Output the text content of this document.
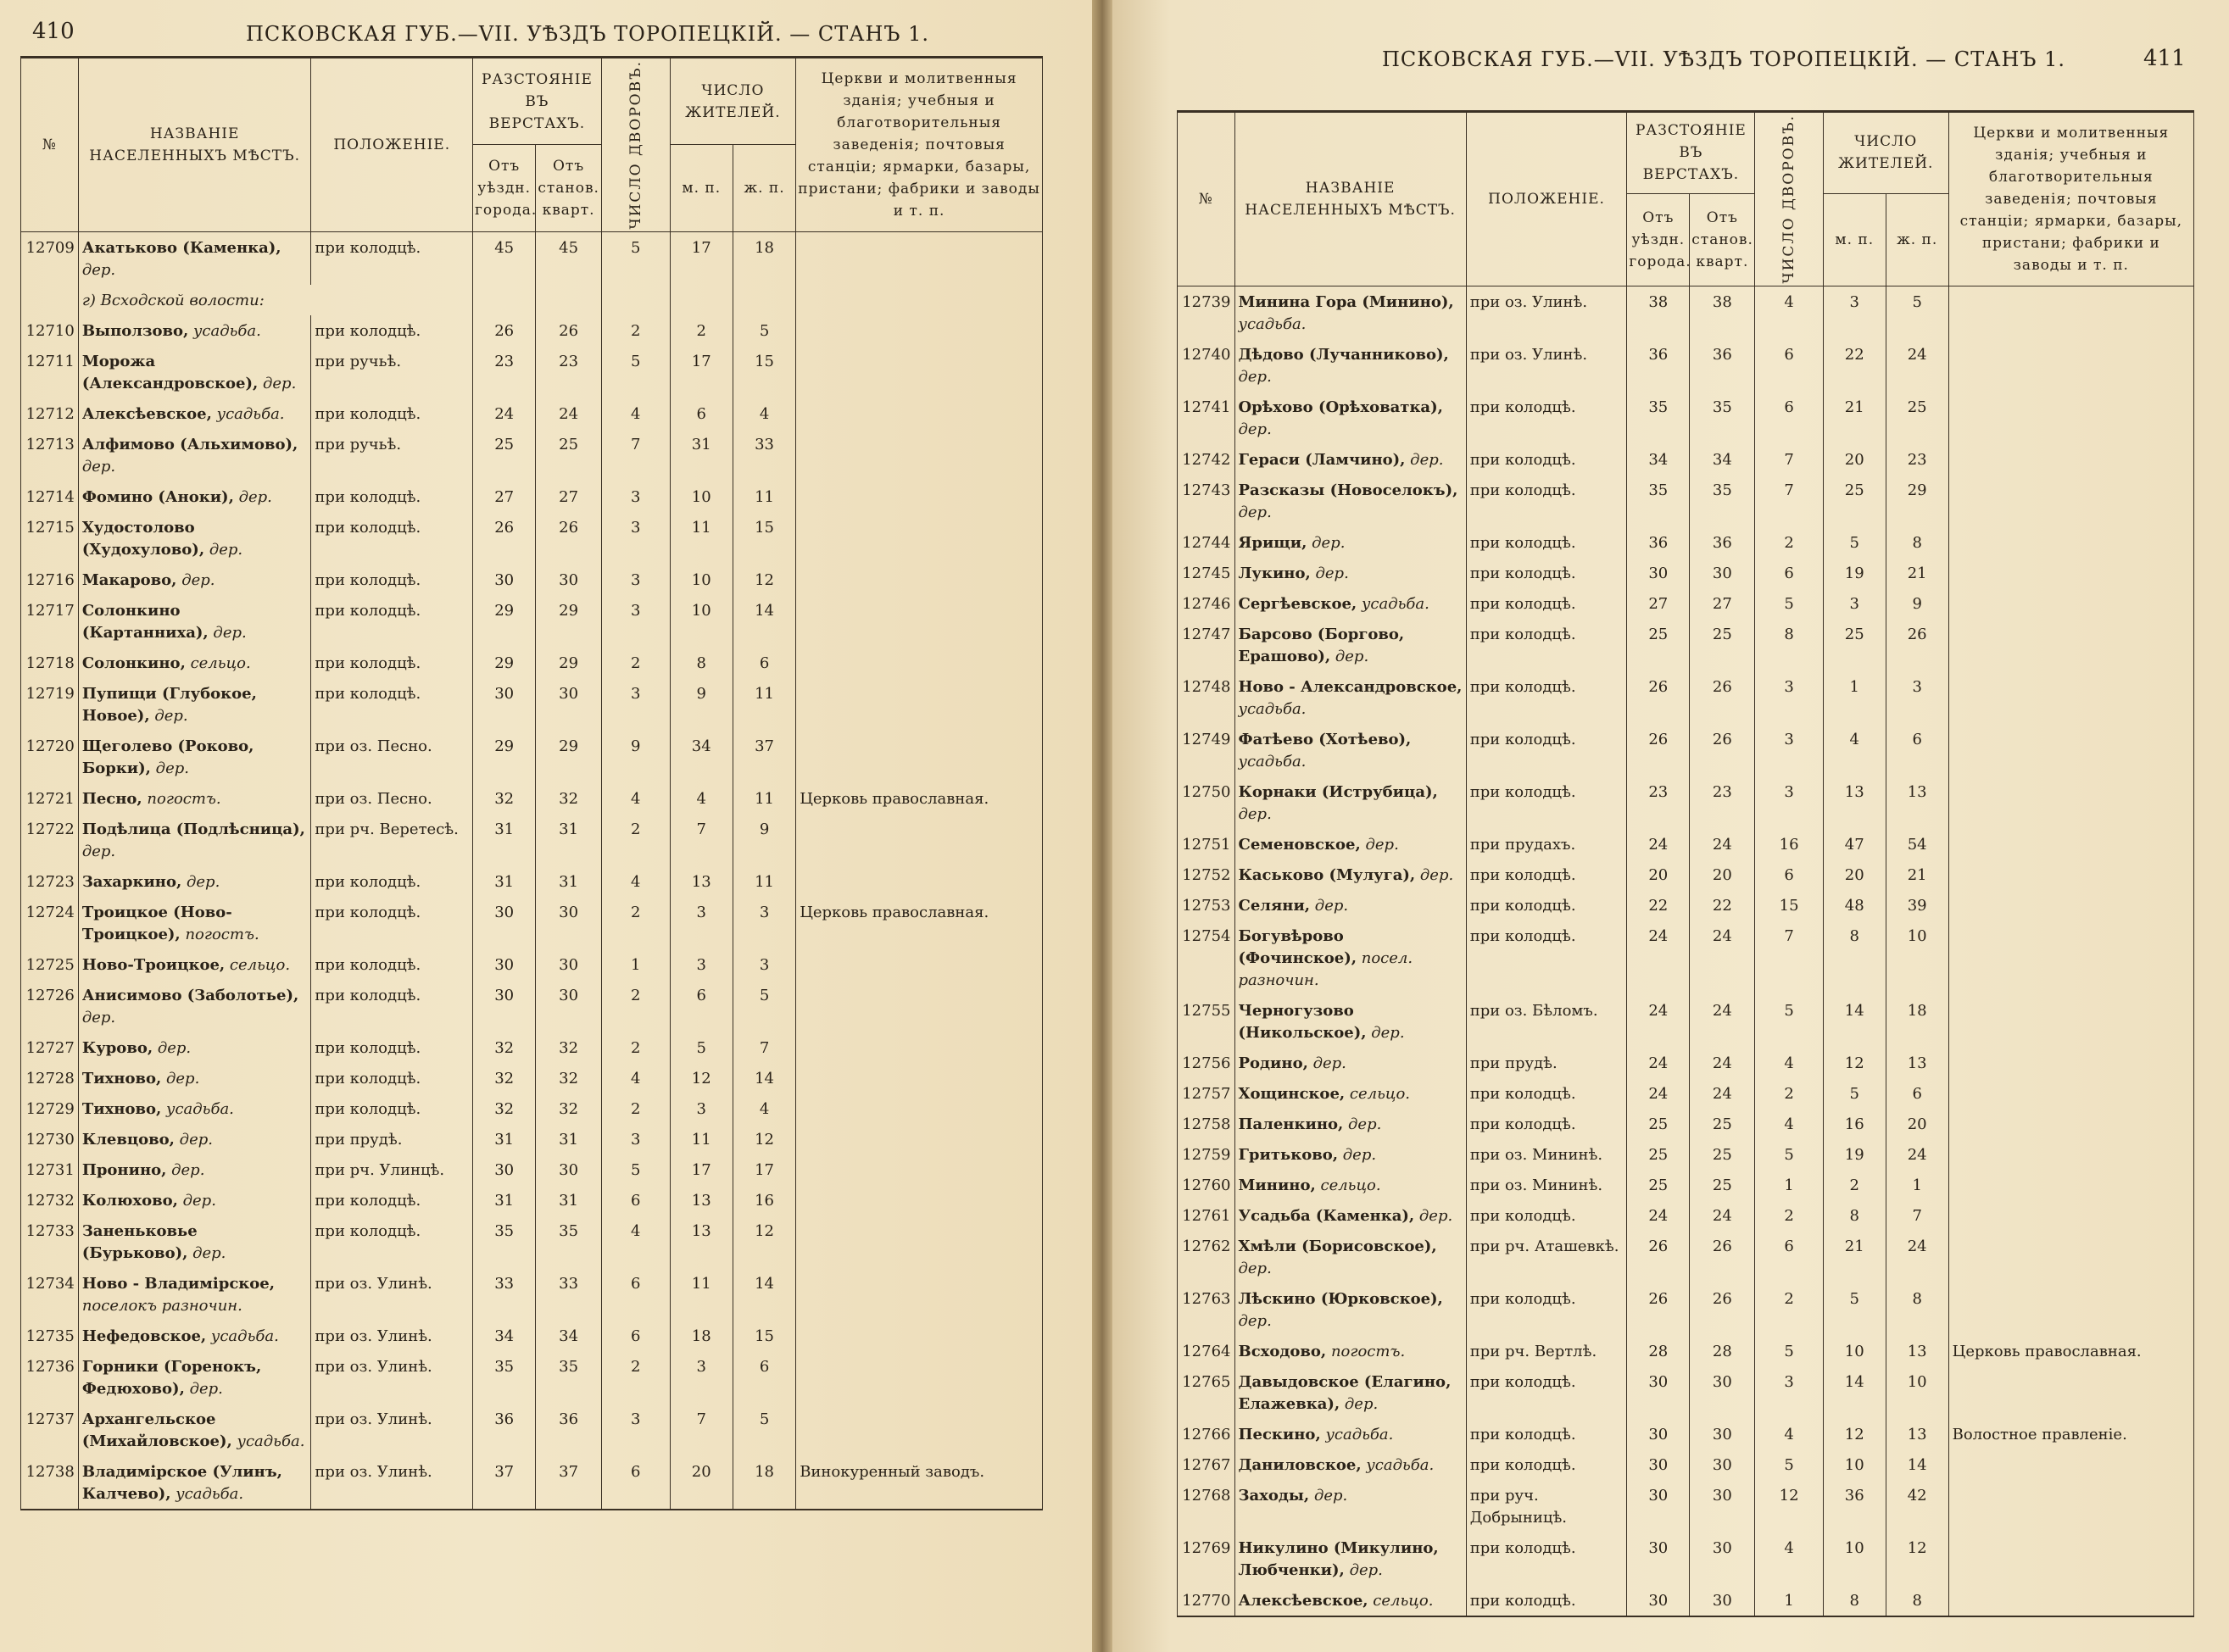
410	ПСКОВСКАЯ ГУБ.—VII. УѢЗДЪ ТОРОПЕЦКІЙ. — СТАНЪ 1.
№	НАЗВАНІЕ НАСЕЛЕННЫХЪ МѢСТЪ.	ПОЛОЖЕНІЕ.	РАЗСТОЯНІЕ ВЪ ВЕРСТАХЪ.		ЧИСЛО ДВОРОВЪ.	ЧИСЛО ЖИТЕЛЕЙ.		Церкви и молитвенныя зданія; учебныя и благотворительныя заведенія; почтовыя станціи; ярмарки, базары, пристани; фабрики и заводы и т. п.
			Отъ уѣздн. города.	Отъ станов. кварт.		м. п.	ж. п.	
12709	Акатьково (Каменка), дер.	при колодцѣ.	45	45	5	17	18	
	г) Всходской волости:							
12710	Выползово, усадьба.	при колодцѣ.	26	26	2	2	5	
12711	Морожа (Александровское), дер.	при ручьѣ.	23	23	5	17	15	
12712	Алексѣевское, усадьба.	при колодцѣ.	24	24	4	6	4	
12713	Алфимово (Альхимово), дер.	при ручьѣ.	25	25	7	31	33	
12714	Фомино (Аноки), дер.	при колодцѣ.	27	27	3	10	11	
12715	Худостолово (Худохулово), дер.	при колодцѣ.	26	26	3	11	15	
12716	Макарово, дер.	при колодцѣ.	30	30	3	10	12	
12717	Солонкино (Картанниха), дер.	при колодцѣ.	29	29	3	10	14	
12718	Солонкино, сельцо.	при колодцѣ.	29	29	2	8	6	
12719	Пупищи (Глубокое, Новое), дер.	при колодцѣ.	30	30	3	9	11	
12720	Щеголево (Роково, Борки), дер.	при оз. Песно.	29	29	9	34	37	
12721	Песно, погостъ.	при оз. Песно.	32	32	4	4	11	Церковь православная.
12722	Подѣлица (Подлѣсница), дер.	при рч. Веретесѣ.	31	31	2	7	9	
12723	Захаркино, дер.	при колодцѣ.	31	31	4	13	11	
12724	Троицкое (Ново-Троицкое), погостъ.	при колодцѣ.	30	30	2	3	3	Церковь православная.
12725	Ново-Троицкое, сельцо.	при колодцѣ.	30	30	1	3	3	
12726	Анисимово (Заболотье), дер.	при колодцѣ.	30	30	2	6	5	
12727	Курово, дер.	при колодцѣ.	32	32	2	5	7	
12728	Тихново, дер.	при колодцѣ.	32	32	4	12	14	
12729	Тихново, усадьба.	при колодцѣ.	32	32	2	3	4	
12730	Клевцово, дер.	при прудѣ.	31	31	3	11	12	
12731	Пронино, дер.	при рч. Улинцѣ.	30	30	5	17	17	
12732	Колюхово, дер.	при колодцѣ.	31	31	6	13	16	
12733	Заненьковье (Бурьково), дер.	при колодцѣ.	35	35	4	13	12	
12734	Ново - Владимірское, поселокъ разночин.	при оз. Улинѣ.	33	33	6	11	14	
12735	Нефедовское, усадьба.	при оз. Улинѣ.	34	34	6	18	15	
12736	Горники (Горенокъ, Федюхово), дер.	при оз. Улинѣ.	35	35	2	3	6	
12737	Архангельское (Михайловское), усадьба.	при оз. Улинѣ.	36	36	3	7	5	
12738	Владимірское (Улинъ, Калчево), усадьба.	при оз. Улинѣ.	37	37	6	20	18	Винокуренный заводъ.
ПСКОВСКАЯ ГУБ.—VII. УѢЗДЪ ТОРОПЕЦКІЙ. — СТАНЪ 1.	411
№	НАЗВАНІЕ НАСЕЛЕННЫХЪ МѢСТЪ.	ПОЛОЖЕНІЕ.	РАЗСТОЯНІЕ ВЪ ВЕРСТАХЪ.		ЧИСЛО ДВОРОВЪ.	ЧИСЛО ЖИТЕЛЕЙ.		Церкви и молитвенныя зданія; учебныя и благотворительныя заведенія; почтовыя станціи; ярмарки, базары, пристани; фабрики и заводы и т. п.
			Отъ уѣздн. города.	Отъ станов. кварт.		м. п.	ж. п.	
12739	Минина Гора (Минино), усадьба.	при оз. Улинѣ.	38	38	4	3	5	
12740	Дѣдово (Лучанниково), дер.	при оз. Улинѣ.	36	36	6	22	24	
12741	Орѣхово (Орѣховатка), дер.	при колодцѣ.	35	35	6	21	25	
12742	Гераси (Ламчино), дер.	при колодцѣ.	34	34	7	20	23	
12743	Разсказы (Новоселокъ), дер.	при колодцѣ.	35	35	7	25	29	
12744	Ярищи, дер.	при колодцѣ.	36	36	2	5	8	
12745	Лукино, дер.	при колодцѣ.	30	30	6	19	21	
12746	Сергѣевское, усадьба.	при колодцѣ.	27	27	5	3	9	
12747	Барсово (Боргово, Ерашово), дер.	при колодцѣ.	25	25	8	25	26	
12748	Ново - Александровское, усадьба.	при колодцѣ.	26	26	3	1	3	
12749	Фатѣево (Хотѣево), усадьба.	при колодцѣ.	26	26	3	4	6	
12750	Корнаки (Иструбица), дер.	при колодцѣ.	23	23	3	13	13	
12751	Семеновское, дер.	при прудахъ.	24	24	16	47	54	
12752	Каськово (Мулуга), дер.	при колодцѣ.	20	20	6	20	21	
12753	Селяни, дер.	при колодцѣ.	22	22	15	48	39	
12754	Богувѣрово (Фочинское), посел. разночин.	при колодцѣ.	24	24	7	8	10	
12755	Черногузово (Никольское), дер.	при оз. Бѣломъ.	24	24	5	14	18	
12756	Родино, дер.	при прудѣ.	24	24	4	12	13	
12757	Хощинское, сельцо.	при колодцѣ.	24	24	2	5	6	
12758	Паленкино, дер.	при колодцѣ.	25	25	4	16	20	
12759	Гритьково, дер.	при оз. Мининѣ.	25	25	5	19	24	
12760	Минино, сельцо.	при оз. Мининѣ.	25	25	1	2	1	
12761	Усадьба (Каменка), дер.	при колодцѣ.	24	24	2	8	7	
12762	Хмѣли (Борисовское), дер.	при рч. Аташевкѣ.	26	26	6	21	24	
12763	Лѣскино (Юрковское), дер.	при колодцѣ.	26	26	2	5	8	
12764	Всходово, погостъ.	при рч. Вертлѣ.	28	28	5	10	13	Церковь православная.
12765	Давыдовское (Елагино, Елажевка), дер.	при колодцѣ.	30	30	3	14	10	
12766	Пескино, усадьба.	при колодцѣ.	30	30	4	12	13	Волостное правленіе.
12767	Даниловское, усадьба.	при колодцѣ.	30	30	5	10	14	
12768	Заходы, дер.	при руч. Добрыницѣ.	30	30	12	36	42	
12769	Никулино (Микулино, Любченки), дер.	при колодцѣ.	30	30	4	10	12	
12770	Алексѣевское, сельцо.	при колодцѣ.	30	30	1	8	8	
